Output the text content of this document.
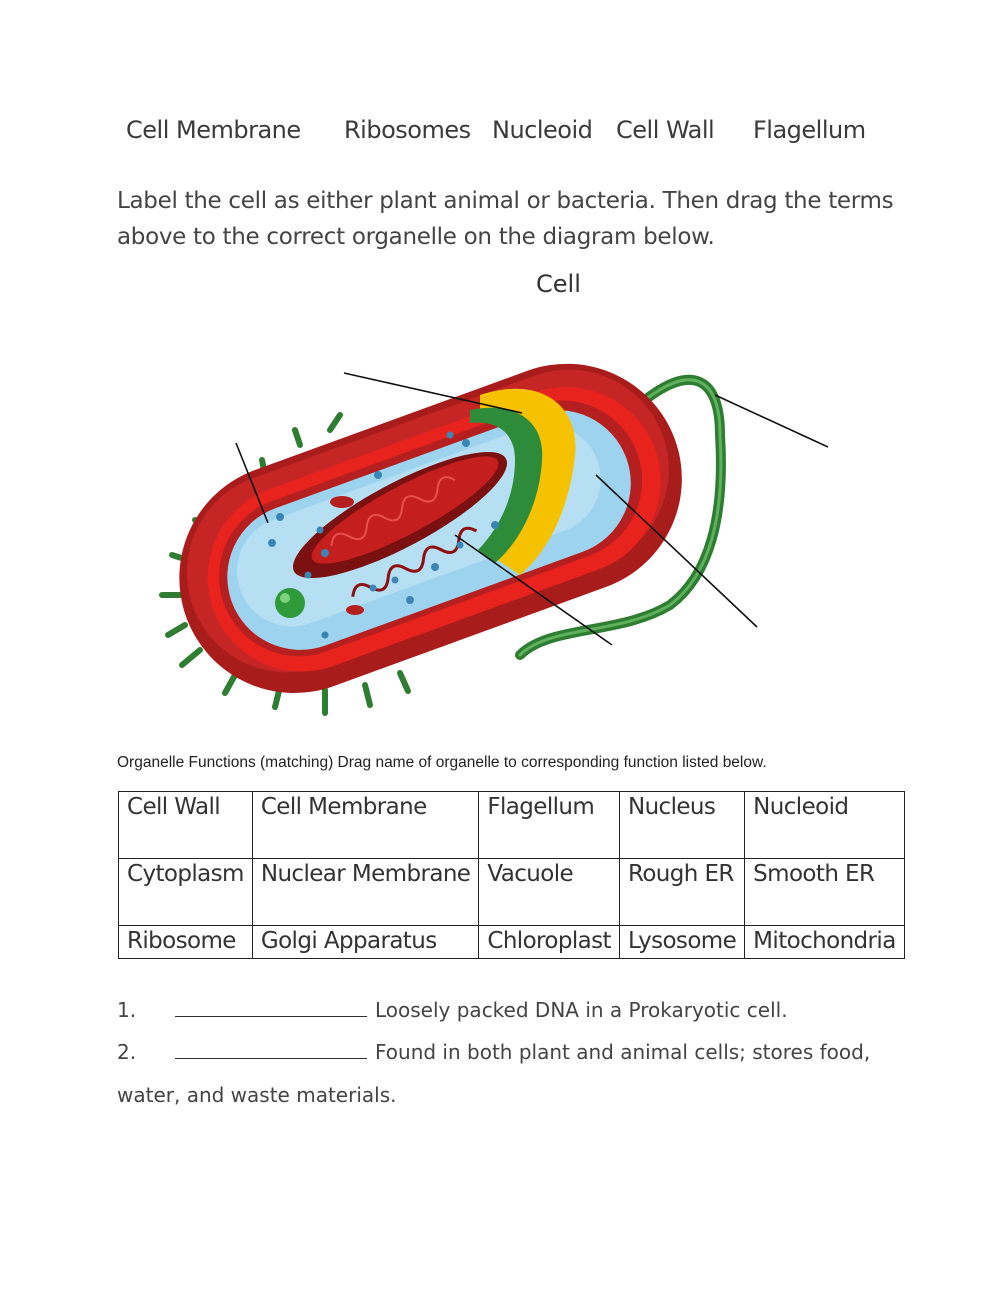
Cell Membrane Ribosomes Nucleoid Cell Wall Flagellum
Label the cell as either plant animal or bacteria. Then drag the terms above to the correct organelle on the diagram below.
Cell
Organelle Functions (matching) Drag name of organelle to corresponding function listed below.
Cell Wall	Cell Membrane	Flagellum	Nucleus	Nucleoid
Cytoplasm	Nuclear Membrane	Vacuole	Rough ER	Smooth ER
Ribosome	Golgi Apparatus	Chloroplast	Lysosome	Mitochondria
1.	Loosely packed DNA in a Prokaryotic cell.
2.	Found in both plant and animal cells; stores food,
water, and waste materials.
